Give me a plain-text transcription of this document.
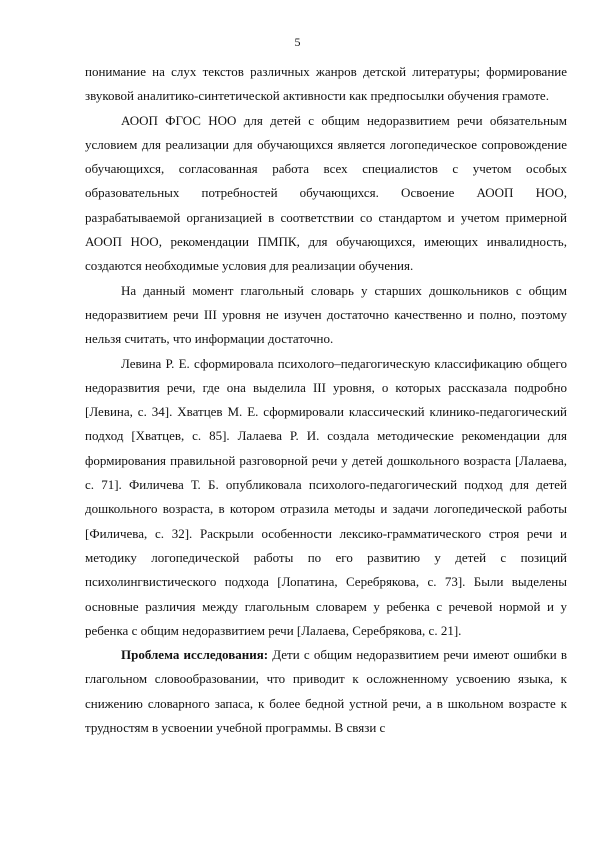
5

понимание на слух текстов различных жанров детской литературы; формирование звуковой аналитико-синтетической активности как предпосылки обучения грамоте.

АООП ФГОС НОО для детей с общим недоразвитием речи обязательным условием для реализации для обучающихся является логопедическое сопровождение обучающихся, согласованная работа всех специалистов с учетом особых образовательных потребностей обучающихся. Освоение АООП НОО, разрабатываемой организацией в соответствии со стандартом и учетом примерной АООП НОО, рекомендации ПМПК, для обучающихся, имеющих инвалидность, создаются необходимые условия для реализации обучения.

На данный момент глагольный словарь у старших дошкольников с общим недоразвитием речи III уровня не изучен достаточно качественно и полно, поэтому нельзя считать, что информации достаточно.

Левина Р. Е. сформировала психолого–педагогическую классификацию общего недоразвития речи, где она выделила III уровня, о которых рассказала подробно [Левина, с. 34]. Хватцев М. Е. сформировали классический клинико-педагогический подход [Хватцев, с. 85]. Лалаева Р. И. создала методические рекомендации для формирования правильной разговорной речи у детей дошкольного возраста [Лалаева, с. 71]. Филичева Т. Б. опубликовала психолого-педагогический подход для детей дошкольного возраста, в котором отразила методы и задачи логопедической работы [Филичева, с. 32]. Раскрыли особенности лексико-грамматического строя речи и методику логопедической работы по его развитию у детей с позиций психолингвистического подхода [Лопатина, Серебрякова, с. 73]. Были выделены основные различия между глагольным словарем у ребенка с речевой нормой и у ребенка с общим недоразвитием речи [Лалаева, Серебрякова, с. 21].

Проблема исследования: Дети с общим недоразвитием речи имеют ошибки в глагольном словообразовании, что приводит к осложненному усвоению языка, к снижению словарного запаса, к более бедной устной речи, а в школьном возрасте к трудностям в усвоении учебной программы. В связи с
